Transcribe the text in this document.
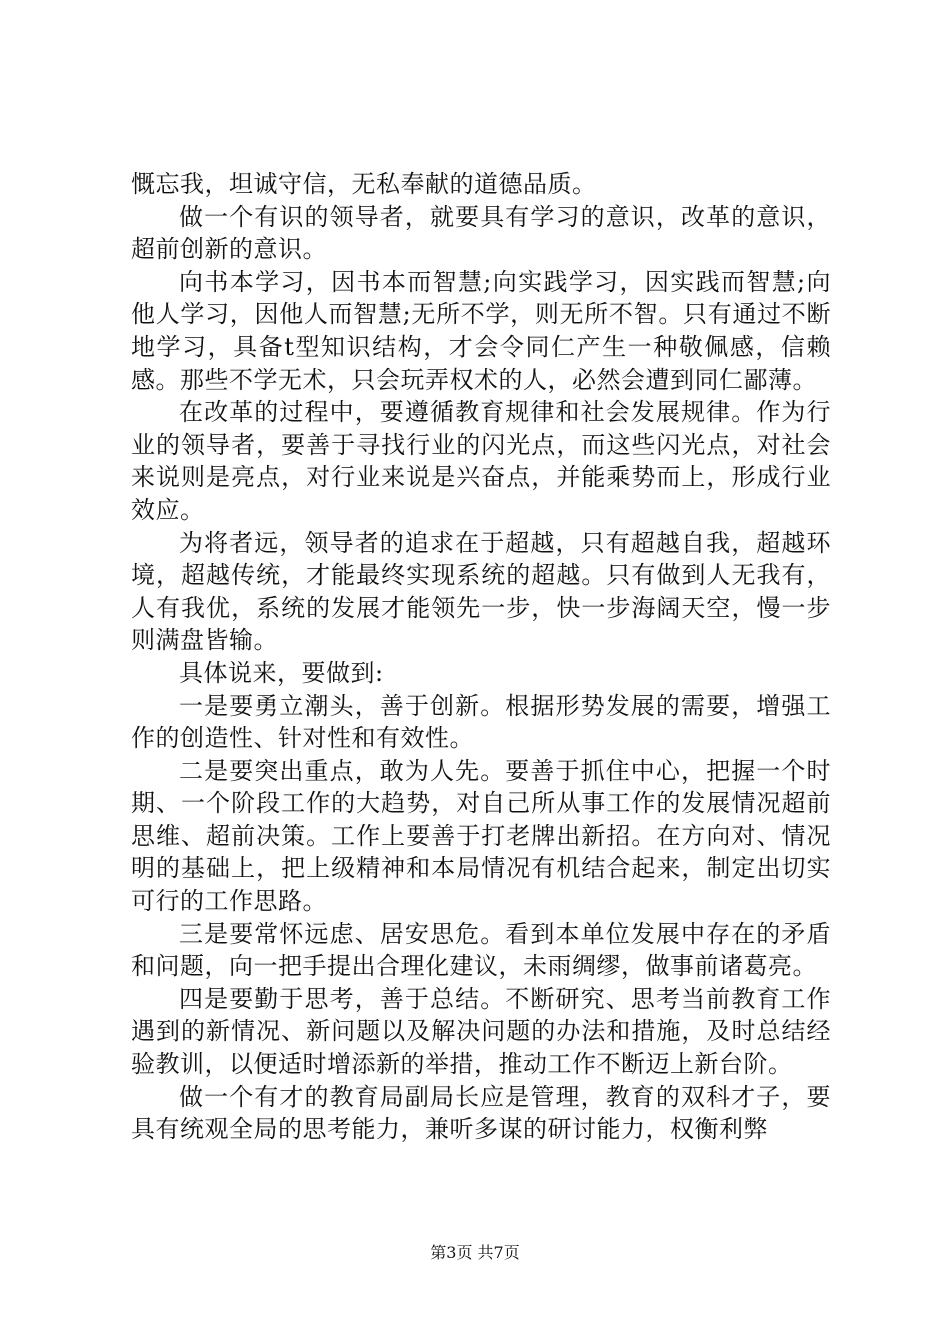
慨忘我，坦诚守信，无私奉献的道德品质。

做一个有识的领导者，就要具有学习的意识，改革的意识，超前创新的意识。

向书本学习，因书本而智慧;向实践学习，因实践而智慧;向他人学习，因他人而智慧;无所不学，则无所不智。只有通过不断地学习，具备t型知识结构，才会令同仁产生一种敬佩感，信赖感。那些不学无术，只会玩弄权术的人，必然会遭到同仁鄙薄。

在改革的过程中，要遵循教育规律和社会发展规律。作为行业的领导者，要善于寻找行业的闪光点，而这些闪光点，对社会来说则是亮点，对行业来说是兴奋点，并能乘势而上，形成行业效应。

为将者远，领导者的追求在于超越，只有超越自我，超越环境，超越传统，才能最终实现系统的超越。只有做到人无我有，人有我优，系统的发展才能领先一步，快一步海阔天空，慢一步则满盘皆输。

具体说来，要做到:

一是要勇立潮头，善于创新。根据形势发展的需要，增强工作的创造性、针对性和有效性。

二是要突出重点，敢为人先。要善于抓住中心，把握一个时期、一个阶段工作的大趋势，对自己所从事工作的发展情况超前思维、超前决策。工作上要善于打老牌出新招。在方向对、情况明的基础上，把上级精神和本局情况有机结合起来，制定出切实可行的工作思路。

三是要常怀远虑、居安思危。看到本单位发展中存在的矛盾和问题，向一把手提出合理化建议，未雨绸缪，做事前诸葛亮。

四是要勤于思考，善于总结。不断研究、思考当前教育工作遇到的新情况、新问题以及解决问题的办法和措施，及时总结经验教训，以便适时增添新的举措，推动工作不断迈上新台阶。

做一个有才的教育局副局长应是管理，教育的双科才子，要具有统观全局的思考能力，兼听多谋的研讨能力，权衡利弊

第3页 共7页
